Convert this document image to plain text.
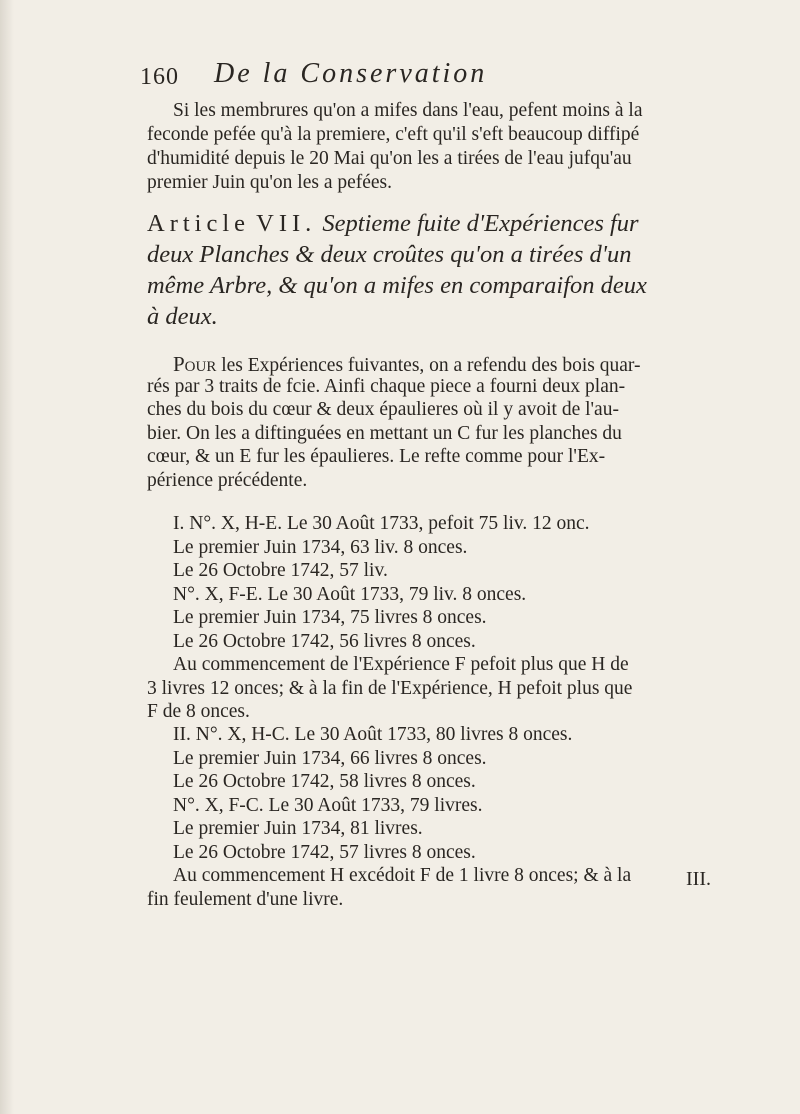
160 De la Conservation
Si les membrures qu'on a mifes dans l'eau, pefent moins à la
feconde pefée qu'à la premiere, c'eft qu'il s'eft beaucoup diffipé
d'humidité depuis le 20 Mai qu'on les a tirées de l'eau jufqu'au
premier Juin qu'on les a pefées.
Article VII. Septieme fuite d'Expériences fur
deux Planches & deux croûtes qu'on a tirées d'un
même Arbre, & qu'on a mifes en comparaifon deux
à deux.
Pour les Expériences fuivantes, on a refendu des bois quar-
rés par 3 traits de fcie. Ainfi chaque piece a fourni deux plan-
ches du bois du cœur & deux épaulieres où il y avoit de l'au-
bier. On les a diftinguées en mettant un C fur les planches du
cœur, & un E fur les épaulieres. Le refte comme pour l'Ex-
périence précédente.
I. N°. X, H-E. Le 30 Août 1733, pefoit 75 liv. 12 onc.
Le premier Juin 1734, 63 liv. 8 onces.
Le 26 Octobre 1742, 57 liv.
N°. X, F-E. Le 30 Août 1733, 79 liv. 8 onces.
Le premier Juin 1734, 75 livres 8 onces.
Le 26 Octobre 1742, 56 livres 8 onces.
Au commencement de l'Expérience F pefoit plus que H de
3 livres 12 onces; & à la fin de l'Expérience, H pefoit plus que
F de 8 onces.
II. N°. X, H-C. Le 30 Août 1733, 80 livres 8 onces.
Le premier Juin 1734, 66 livres 8 onces.
Le 26 Octobre 1742, 58 livres 8 onces.
N°. X, F-C. Le 30 Août 1733, 79 livres.
Le premier Juin 1734, 81 livres.
Le 26 Octobre 1742, 57 livres 8 onces.
Au commencement H excédoit F de 1 livre 8 onces; & à la
fin feulement d'une livre.
III.
